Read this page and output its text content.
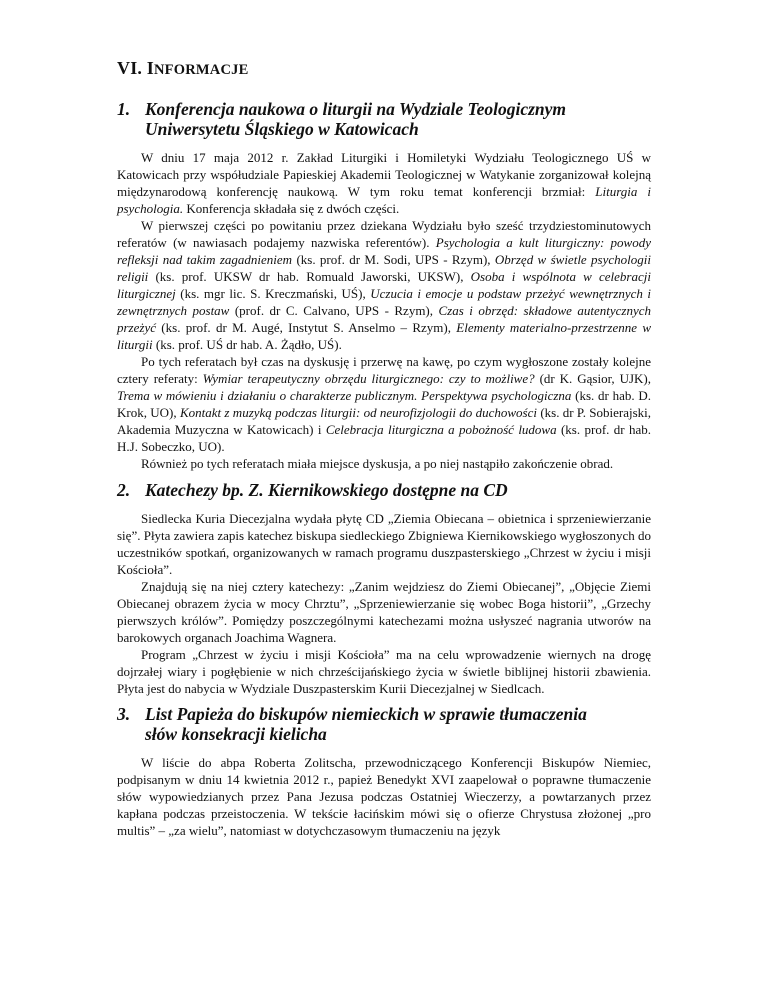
VI. INFORMACJE
1. Konferencja naukowa o liturgii na Wydziale Teologicznym
Uniwersytetu Śląskiego w Katowicach

W dniu 17 maja 2012 r. Zakład Liturgiki i Homiletyki Wydziału Teologicznego UŚ w Katowicach przy współudziale Papieskiej Akademii Teologicznej w Watykanie zorganizował kolejną międzynarodową konferencję naukową. W tym roku temat konferencji brzmiał: Liturgia i psychologia. Konferencja składała się z dwóch części.

W pierwszej części po powitaniu przez dziekana Wydziału było sześć trzydziestominutowych referatów (w nawiasach podajemy nazwiska referentów). Psychologia a kult liturgiczny: powody refleksji nad takim zagadnieniem (ks. prof. dr M. Sodi, UPS - Rzym), Obrzęd w świetle psychologii religii (ks. prof. UKSW dr hab. Romuald Jaworski, UKSW), Osoba i wspólnota w celebracji liturgicznej (ks. mgr lic. S. Kreczmański, UŚ), Uczucia i emocje u podstaw przeżyć wewnętrznych i zewnętrznych postaw (prof. dr C. Calvano, UPS - Rzym), Czas i obrzęd: składowe autentycznych przeżyć (ks. prof. dr M. Augé, Instytut S. Anselmo – Rzym), Elementy materialno-przestrzenne w liturgii (ks. prof. UŚ dr hab. A. Żądło, UŚ).

Po tych referatach był czas na dyskusję i przerwę na kawę, po czym wygłoszone zostały kolejne cztery referaty: Wymiar terapeutyczny obrzędu liturgicznego: czy to możliwe? (dr K. Gąsior, UJK), Trema w mówieniu i działaniu o charakterze publicznym. Perspektywa psychologiczna (ks. dr hab. D. Krok, UO), Kontakt z muzyką podczas liturgii: od neurofizjologii do duchowości (ks. dr P. Sobierajski, Akademia Muzyczna w Katowicach) i Celebracja liturgiczna a pobożność ludowa (ks. prof. dr hab. H.J. Sobeczko, UO).

Również po tych referatach miała miejsce dyskusja, a po niej nastąpiło zakończenie obrad.

2. Katechezy bp. Z. Kiernikowskiego dostępne na CD

Siedlecka Kuria Diecezjalna wydała płytę CD „Ziemia Obiecana – obietnica i sprzeniewierzanie się”. Płyta zawiera zapis katechez biskupa siedleckiego Zbigniewa Kiernikowskiego wygłoszonych do uczestników spotkań, organizowanych w ramach programu duszpasterskiego „Chrzest w życiu i misji Kościoła”.

Znajdują się na niej cztery katechezy: „Zanim wejdziesz do Ziemi Obiecanej”, „Objęcie Ziemi Obiecanej obrazem życia w mocy Chrztu”, „Sprzeniewierzanie się wobec Boga historii”, „Grzechy pierwszych królów”. Pomiędzy poszczególnymi katechezami można usłyszeć nagrania utworów na barokowych organach Joachima Wagnera.

Program „Chrzest w życiu i misji Kościoła” ma na celu wprowadzenie wiernych na drogę dojrzałej wiary i pogłębienie w nich chrześcijańskiego życia w świetle biblijnej historii zbawienia. Płyta jest do nabycia w Wydziale Duszpasterskim Kurii Diecezjalnej w Siedlcach.

3. List Papieża do biskupów niemieckich w sprawie tłumaczenia
słów konsekracji kielicha

W liście do abpa Roberta Zolitscha, przewodniczącego Konferencji Biskupów Niemiec, podpisanym w dniu 14 kwietnia 2012 r., papież Benedykt XVI zaapelował o poprawne tłumaczenie słów wypowiedzianych przez Pana Jezusa podczas Ostatniej Wieczerzy, a powtarzanych przez kapłana podczas przeistoczenia. W tekście łacińskim mówi się o ofierze Chrystusa złożonej „pro multis” – „za wielu”, natomiast w dotychczasowym tłumaczeniu na język
